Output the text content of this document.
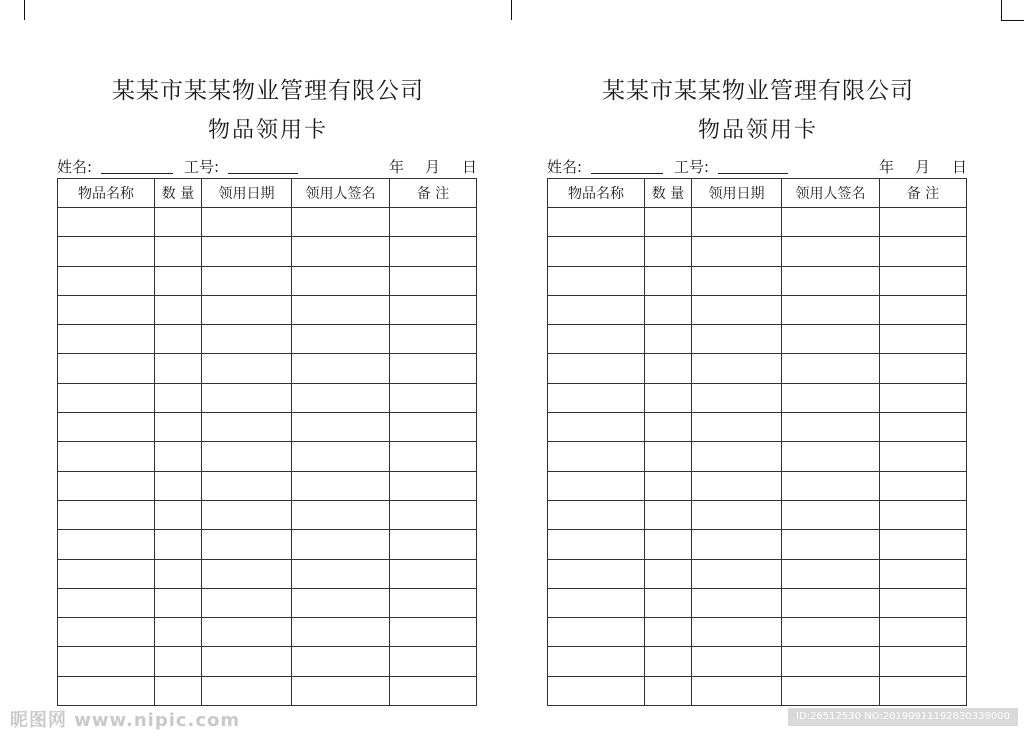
某某市某某物业管理有限公司
物品领用卡
姓名:	工号:	年 月 日
物品名称	数 量	领用日期	领用人签名	备 注

某某市某某物业管理有限公司
物品领用卡
姓名:	工号:	年 月 日
物品名称	数 量	领用日期	领用人签名	备 注

昵图网 www.nipic.com	ID:26512530 NO:20190911192830339000
